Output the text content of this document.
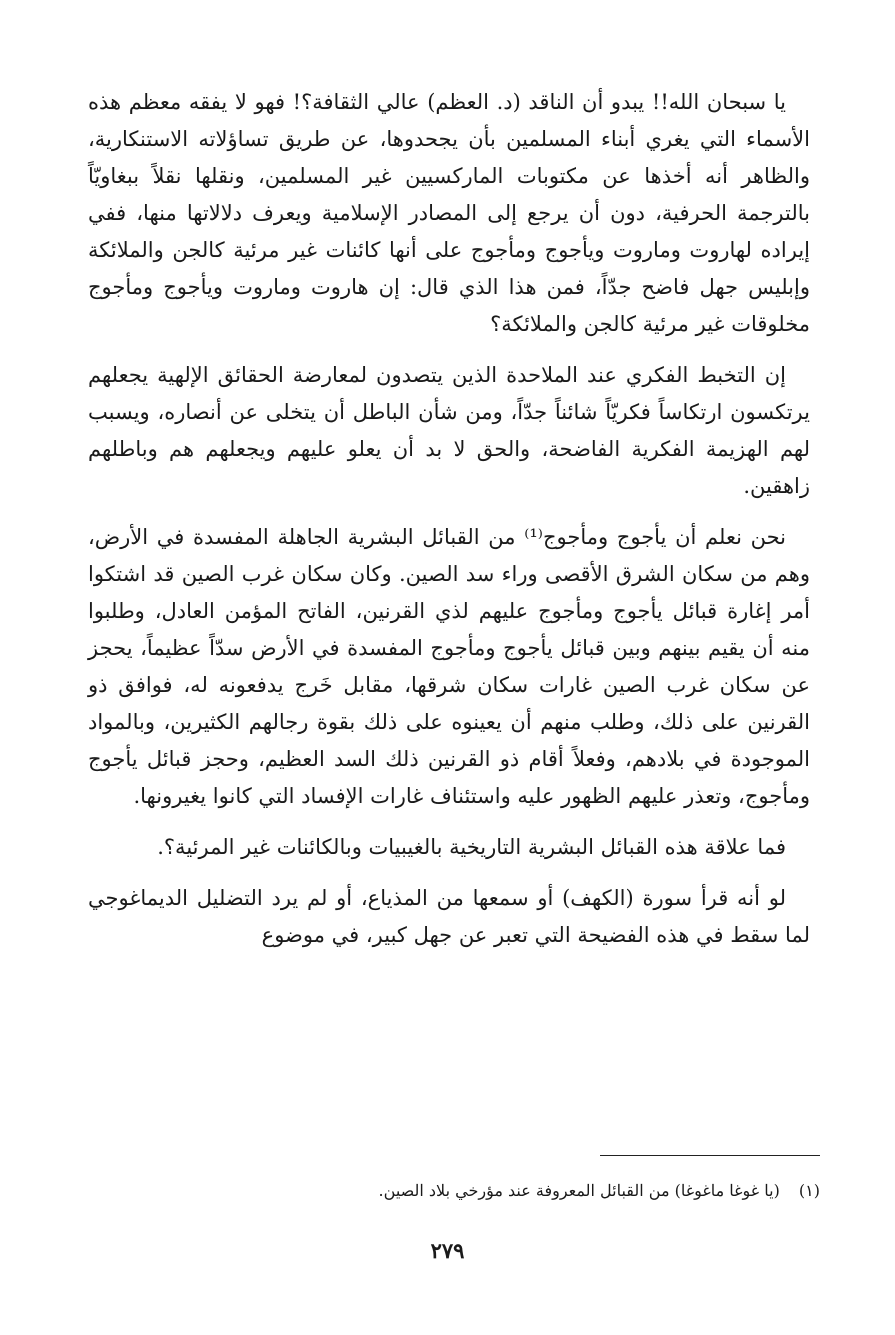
يا سبحان الله!! يبدو أن الناقد (د. العظم) عالي الثقافة؟! فهو لا يفقه معظم هذه الأسماء التي يغري أبناء المسلمين بأن يجحدوها، عن طريق تساؤلاته الاستنكارية، والظاهر أنه أخذها عن مكتوبات الماركسيين غير المسلمين، ونقلها نقلاً ببغاويّاً بالترجمة الحرفية، دون أن يرجع إلى المصادر الإسلامية ويعرف دلالاتها منها، ففي إيراده لهاروت وماروت ويأجوج ومأجوج على أنها كائنات غير مرئية كالجن والملائكة وإبليس جهل فاضح جدّاً، فمن هذا الذي قال: إن هاروت وماروت ويأجوج ومأجوج مخلوقات غير مرئية كالجن والملائكة؟

إن التخبط الفكري عند الملاحدة الذين يتصدون لمعارضة الحقائق الإلهية يجعلهم يرتكسون ارتكاساً فكريّاً شائناً جدّاً، ومن شأن الباطل أن يتخلى عن أنصاره، ويسبب لهم الهزيمة الفكرية الفاضحة، والحق لا بد أن يعلو عليهم ويجعلهم هم وباطلهم زاهقين.

نحن نعلم أن يأجوج ومأجوج⁽¹⁾ من القبائل البشرية الجاهلة المفسدة في الأرض، وهم من سكان الشرق الأقصى وراء سد الصين. وكان سكان غرب الصين قد اشتكوا أمر إغارة قبائل يأجوج ومأجوج عليهم لذي القرنين، الفاتح المؤمن العادل، وطلبوا منه أن يقيم بينهم وبين قبائل يأجوج ومأجوج المفسدة في الأرض سدّاً عظيماً، يحجز عن سكان غرب الصين غارات سكان شرقها، مقابل خَرج يدفعونه له، فوافق ذو القرنين على ذلك، وطلب منهم أن يعينوه على ذلك بقوة رجالهم الكثيرين، وبالمواد الموجودة في بلادهم، وفعلاً أقام ذو القرنين ذلك السد العظيم، وحجز قبائل يأجوج ومأجوج، وتعذر عليهم الظهور عليه واستئناف غارات الإفساد التي كانوا يغيرونها.

فما علاقة هذه القبائل البشرية التاريخية بالغيبيات وبالكائنات غير المرئية؟.

لو أنه قرأ سورة (الكهف) أو سمعها من المذياع، أو لم يرد التضليل الديماغوجي لما سقط في هذه الفضيحة التي تعبر عن جهل كبير، في موضوع

(١) (يا غوغا ماغوغا) من القبائل المعروفة عند مؤرخي بلاد الصين.
٢٧٩
